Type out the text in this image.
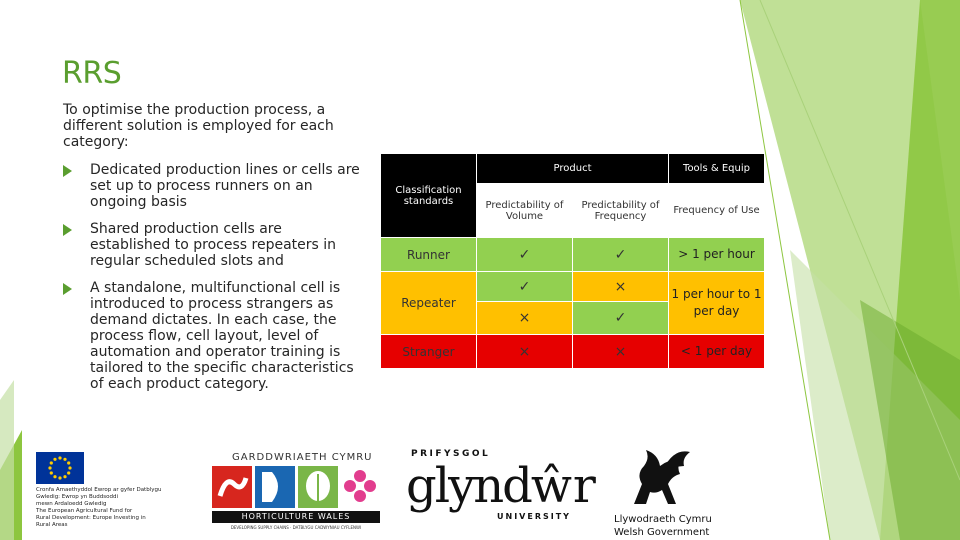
RRS
To optimise the production process, a different solution is employed for each category:
Dedicated production lines or cells are set up to process runners on an ongoing basis
Shared production cells are established to process repeaters in regular scheduled slots and
A standalone, multifunctional cell is introduced to process strangers as demand dictates. In each case, the process flow, cell layout, level of automation and operator training is tailored to the specific characteristics of each product category.
Classification standards	Product		Tools & Equip
	Predictability of Volume	Predictability of Frequency	Frequency of Use
Runner	✓	✓	> 1 per hour
Repeater	✓	×	1 per hour to 1 per day
	×	✓	
Stranger	×	×	< 1 per day
Cronfa Amaethyddol Ewrop ar gyfer Datblygu
Gwledig: Ewrop yn Buddsoddi
mewn Ardaloedd Gwledig
The European Agricultural Fund for
Rural Development: Europe Investing in
Rural Areas
GARDDWRIAETH CYMRU
HORTICULTURE WALES
DEVELOPING SUPPLY CHAINS · DATBLYGU CADWYNIAU CYFLENWI
PRIFYSGOL
glyndŵr
UNIVERSITY	Llywodraeth Cymru
Welsh Government
